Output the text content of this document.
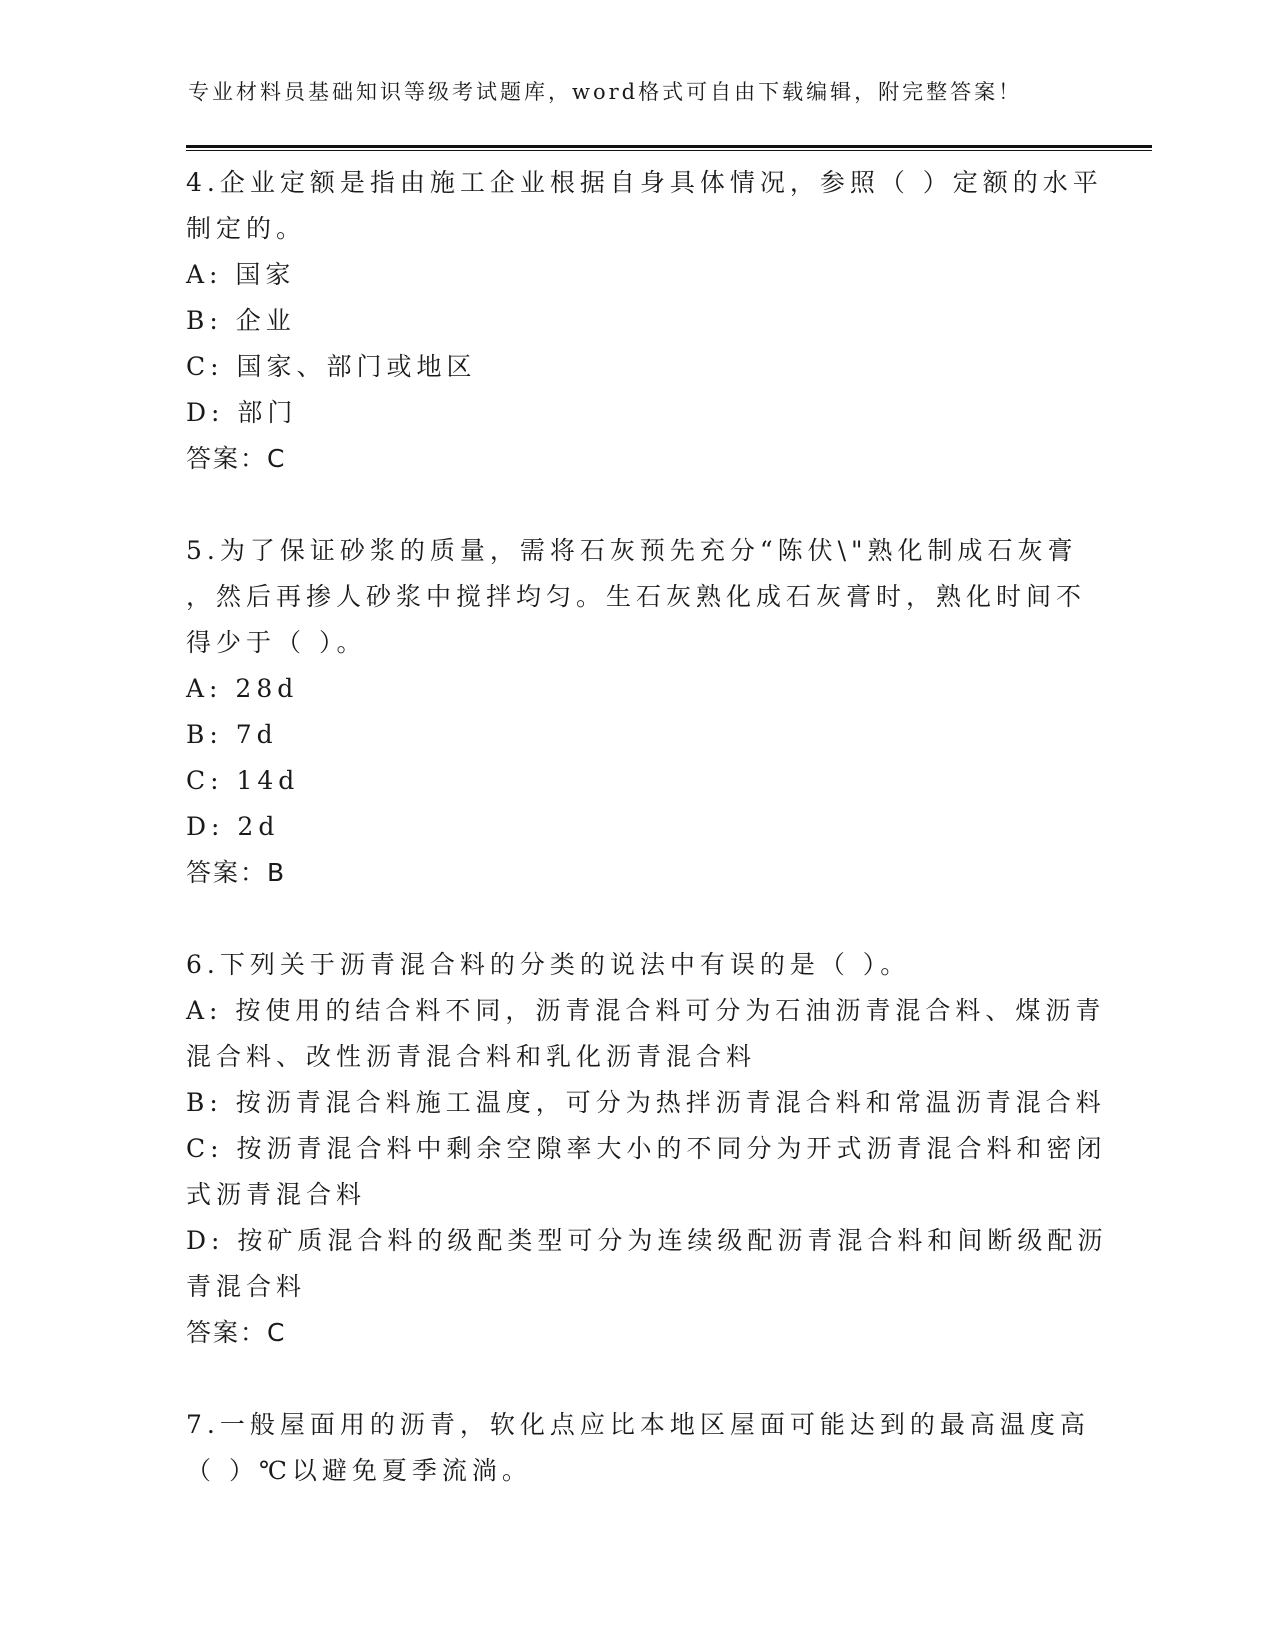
专业材料员基础知识等级考试题库，word格式可自由下载编辑，附完整答案！

4.企业定额是指由施工企业根据自身具体情况，参照（ ）定额的水平

制定的。

A: 国家

B: 企业

C: 国家、部门或地区

D: 部门

答案：C

5.为了保证砂浆的质量，需将石灰预先充分“陈伏\"熟化制成石灰膏

，然后再掺人砂浆中搅拌均匀。生石灰熟化成石灰膏时，熟化时间不

得少于（ ）。

A: 28d

B: 7d

C: 14d

D: 2d

答案：B

6.下列关于沥青混合料的分类的说法中有误的是（ ）。

A: 按使用的结合料不同，沥青混合料可分为石油沥青混合料、煤沥青

混合料、改性沥青混合料和乳化沥青混合料

B: 按沥青混合料施工温度，可分为热拌沥青混合料和常温沥青混合料

C: 按沥青混合料中剩余空隙率大小的不同分为开式沥青混合料和密闭

式沥青混合料

D: 按矿质混合料的级配类型可分为连续级配沥青混合料和间断级配沥

青混合料

答案：C

7.一般屋面用的沥青，软化点应比本地区屋面可能达到的最高温度高

（ ）℃以避免夏季流淌。
